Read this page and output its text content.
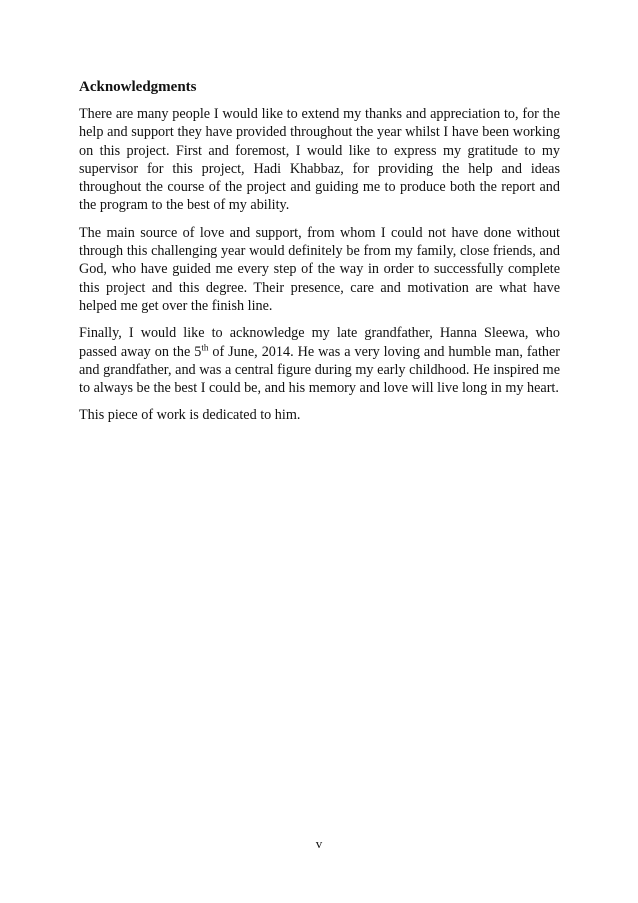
Acknowledgments

There are many people I would like to extend my thanks and appreciation to, for the help and support they have provided throughout the year whilst I have been working on this project. First and foremost, I would like to express my gratitude to my supervisor for this project, Hadi Khabbaz, for providing the help and ideas throughout the course of the project and guiding me to produce both the report and the program to the best of my ability.

The main source of love and support, from whom I could not have done without through this challenging year would definitely be from my family, close friends, and God, who have guided me every step of the way in order to successfully complete this project and this degree. Their presence, care and motivation are what have helped me get over the finish line.

Finally, I would like to acknowledge my late grandfather, Hanna Sleewa, who passed away on the 5th of June, 2014. He was a very loving and humble man, father and grandfather, and was a central figure during my early childhood. He inspired me to always be the best I could be, and his memory and love will live long in my heart.

This piece of work is dedicated to him.

v
